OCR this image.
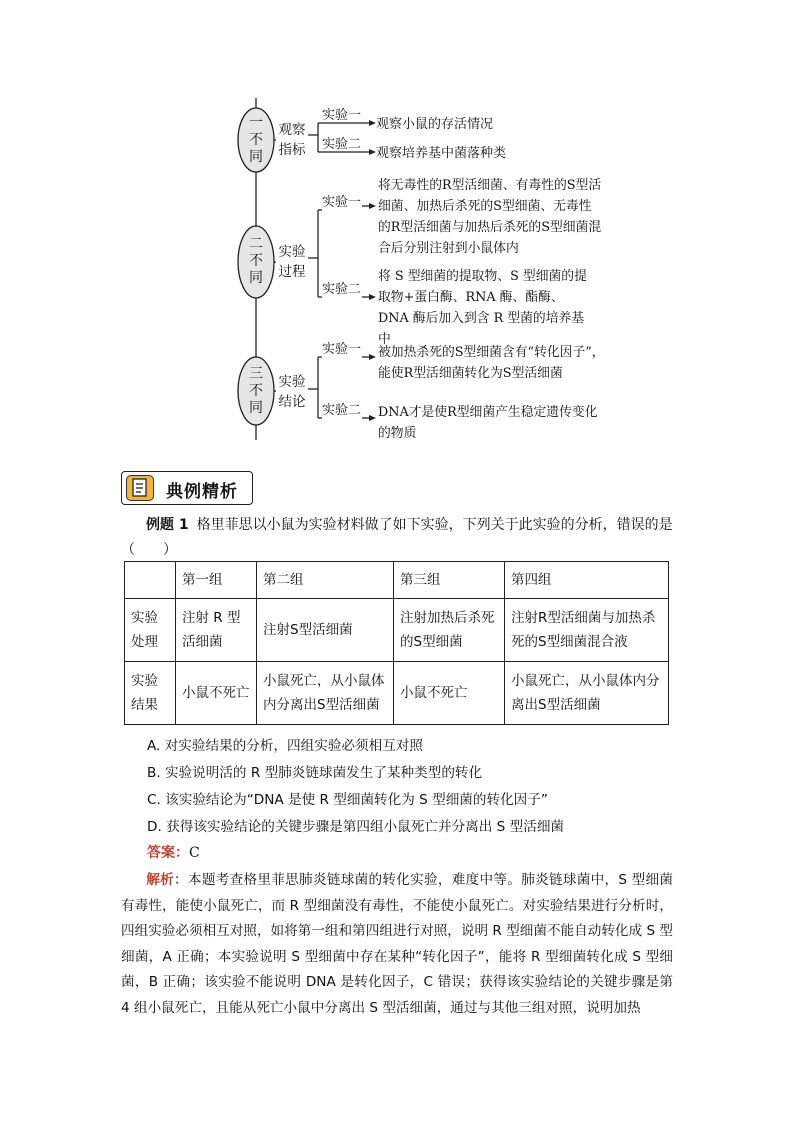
一不同
二不同
三不同
观察指标
实验过程
实验结论
实验一
实验二
实验一
实验二
实验一
实验二
观察小鼠的存活情况
观察培养基中菌落种类
将无毒性的R型活细菌、有毒性的S型活细菌、加热后杀死的S型细菌、无毒性的R型活细菌与加热后杀死的S型细菌混合后分别注射到小鼠体内
将 S 型细菌的提取物、S 型细菌的提取物+蛋白酶、RNA 酶、酯酶、DNA 酶后加入到含 R 型菌的培养基中
被加热杀死的S型细菌含有“转化因子”，能使R型活细菌转化为S型活细菌
DNA才是使R型细菌产生稳定遗传变化的物质
典例精析
例题 1 格里菲思以小鼠为实验材料做了如下实验，下列关于此实验的分析，错误的是
（　　）
	第一组	第二组	第三组	第四组
实验处理	注射 R 型活细菌	注射S型活细菌	注射加热后杀死的S型细菌	注射R型活细菌与加热杀死的S型细菌混合液
实验结果	小鼠不死亡	小鼠死亡，从小鼠体内分离出S型活细菌	小鼠不死亡	小鼠死亡，从小鼠体内分离出S型活细菌
A. 对实验结果的分析，四组实验必须相互对照
B. 实验说明活的 R 型肺炎链球菌发生了某种类型的转化
C. 该实验结论为“DNA 是使 R 型细菌转化为 S 型细菌的转化因子”
D. 获得该实验结论的关键步骤是第四组小鼠死亡并分离出 S 型活细菌
答案：C
解析：本题考查格里菲思肺炎链球菌的转化实验，难度中等。肺炎链球菌中，S 型细菌有毒性，能使小鼠死亡，而 R 型细菌没有毒性，不能使小鼠死亡。对实验结果进行分析时，四组实验必须相互对照，如将第一组和第四组进行对照，说明 R 型细菌不能自动转化成 S 型细菌，A 正确；本实验说明 S 型细菌中存在某种“转化因子”，能将 R 型细菌转化成 S 型细菌，B 正确；该实验不能说明 DNA 是转化因子，C 错误；获得该实验结论的关键步骤是第 4 组小鼠死亡，且能从死亡小鼠中分离出 S 型活细菌，通过与其他三组对照，说明加热
